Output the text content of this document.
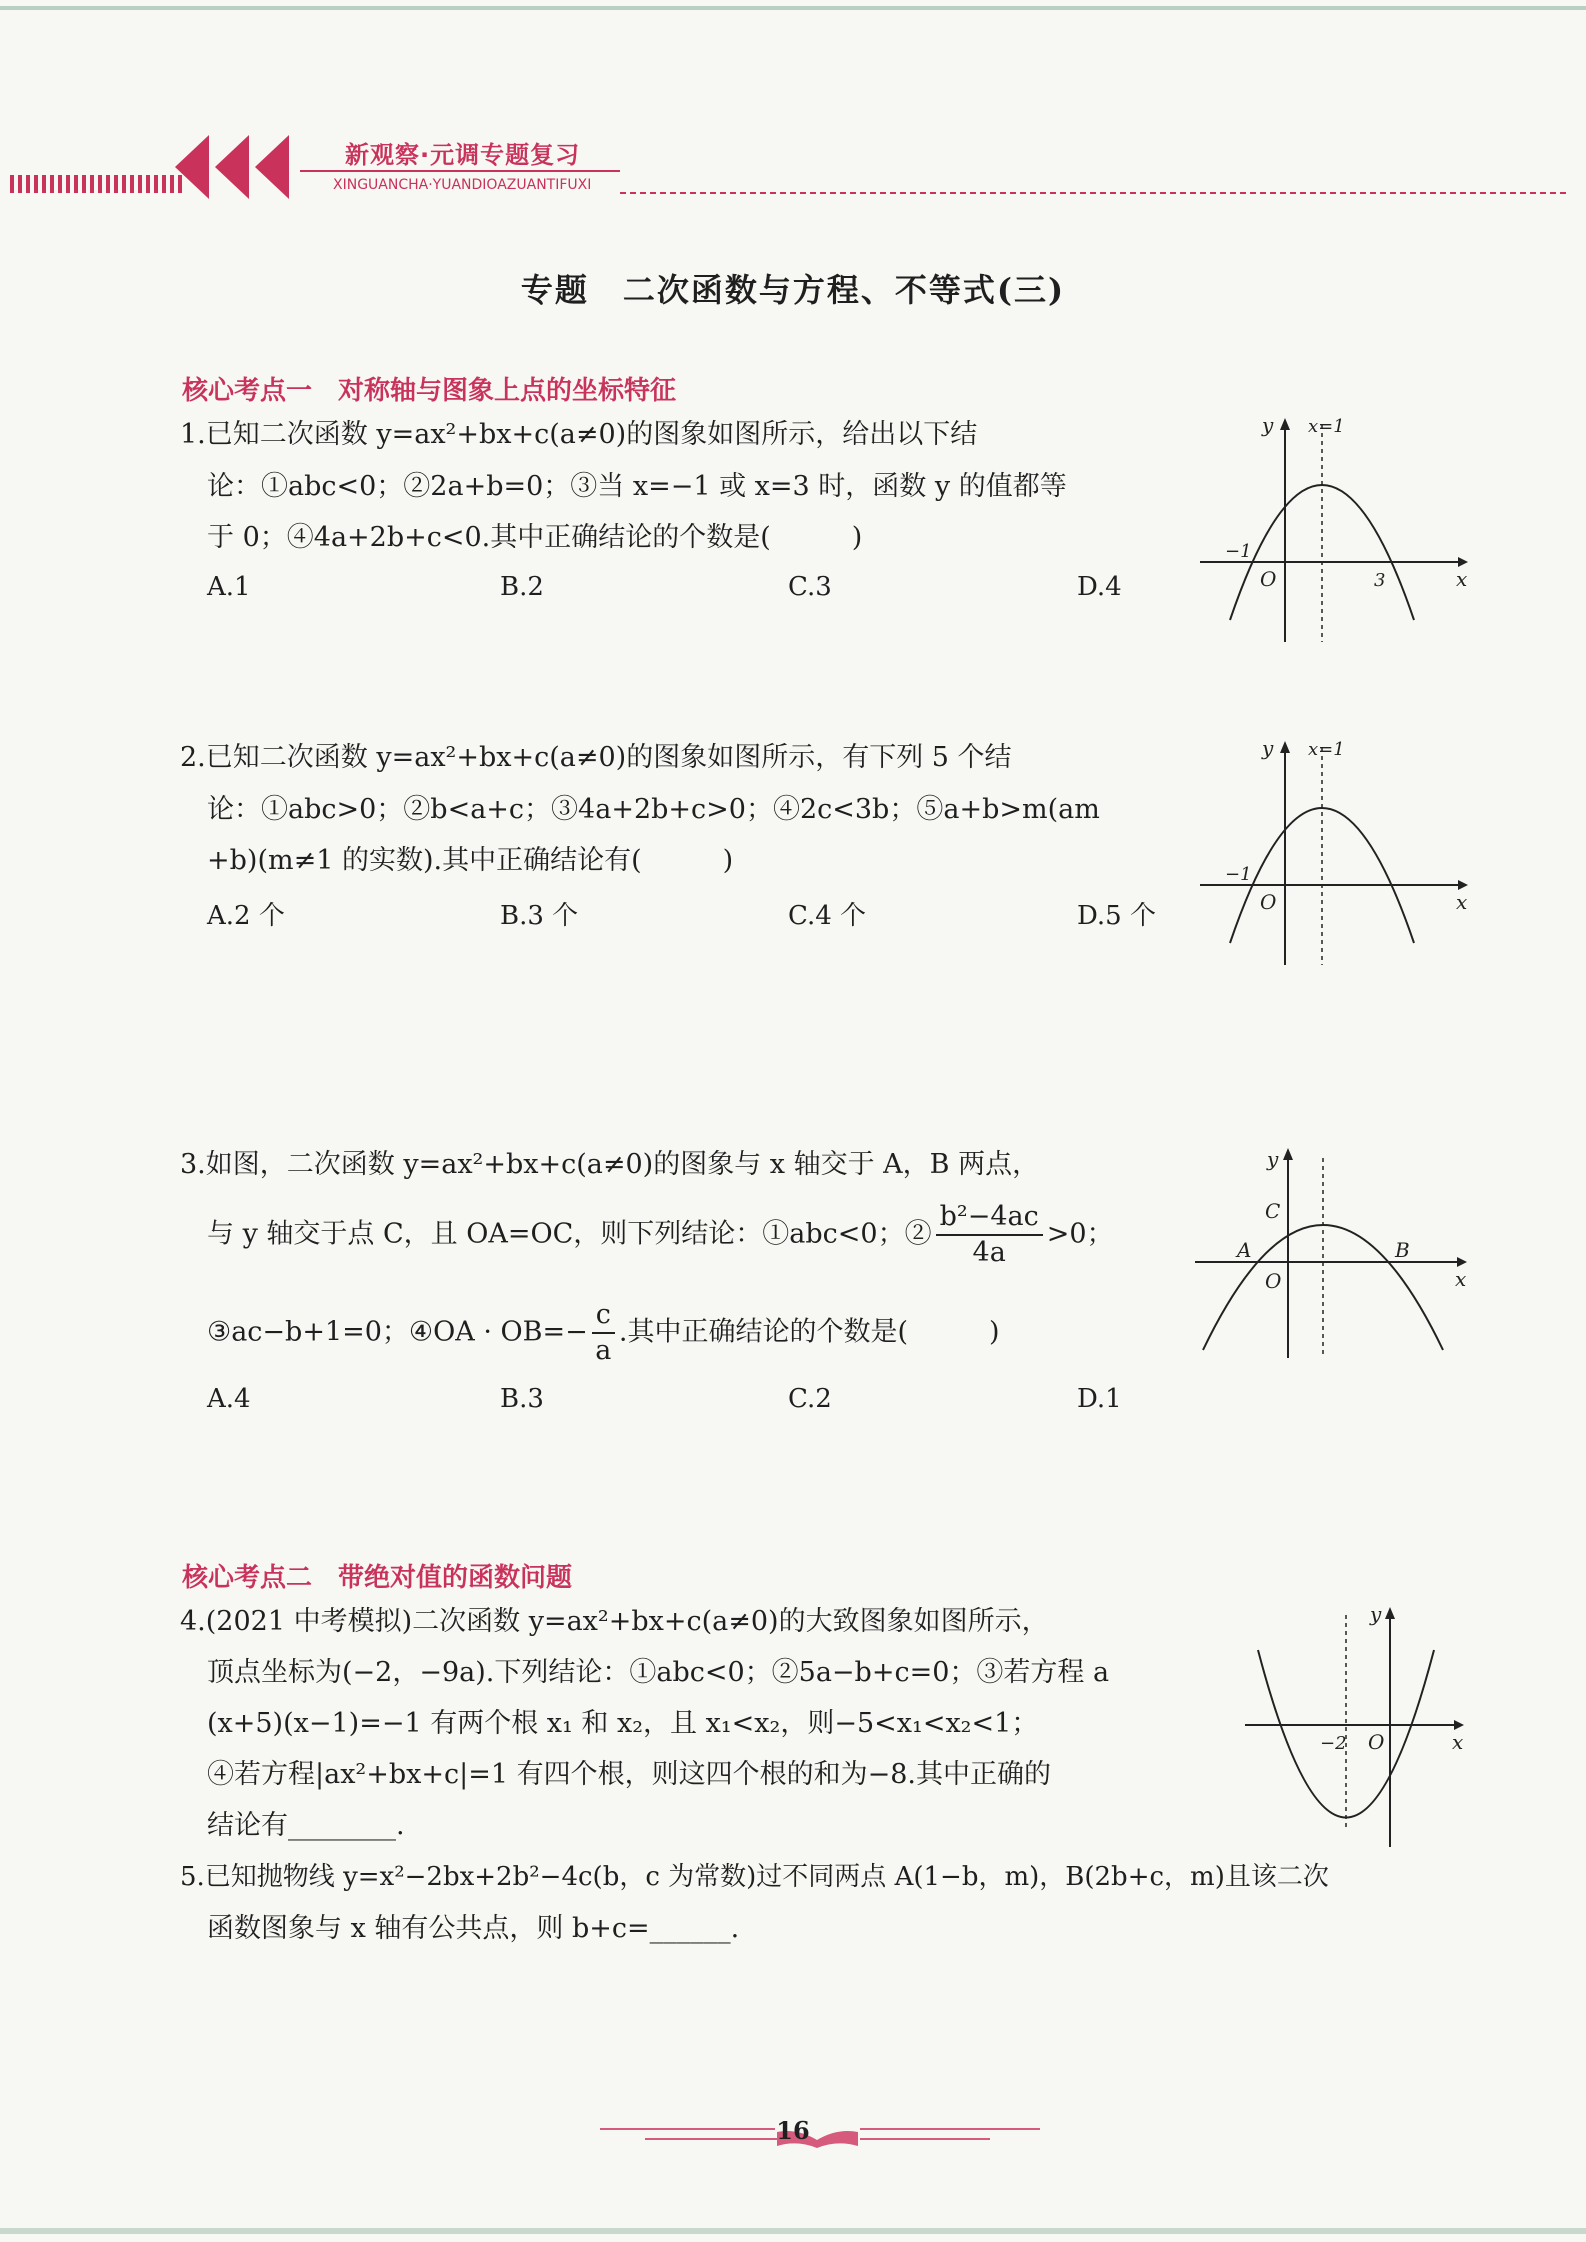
新观察·元调专题复习
XINGUANCHA·YUANDIOAZUANTIFUXI
专题　二次函数与方程、不等式(三)
核心考点一　对称轴与图象上点的坐标特征
1.已知二次函数 y=ax²+bx+c(a≠0)的图象如图所示，给出以下结
论：①abc<0；②2a+b=0；③当 x=−1 或 x=3 时，函数 y 的值都等
于 0；④4a+2b+c<0.其中正确结论的个数是(　　　)
A.1	B.2	C.3	D.4
y
x
x=1
O
−1
3
2.已知二次函数 y=ax²+bx+c(a≠0)的图象如图所示，有下列 5 个结
论：①abc>0；②b<a+c；③4a+2b+c>0；④2c<3b；⑤a+b>m(am
+b)(m≠1 的实数).其中正确结论有(　　　)
A.2 个	B.3 个	C.4 个	D.5 个
y
x
x=1
O
−1
3.如图，二次函数 y=ax²+bx+c(a≠0)的图象与 x 轴交于 A，B 两点，
与 y 轴交于点 C，且 OA=OC，则下列结论：①abc<0；② $\frac{\text{b²−4ac}}{4a} >0$；
③ac−b+1=0；④OA · $OB=- \frac{c}{a}$ .其中正确结论的个数是(　　　)
A.4	B.3	C.2	D.1
y
x
O
A	B
C
核心考点二　带绝对值的函数问题
4.(2021 中考模拟)二次函数 y=ax²+bx+c(a≠0)的大致图象如图所示，
顶点坐标为(−2，−9a).下列结论：①abc<0；②5a−b+c=0；③若方程 a
(x+5)(x−1)=−1 有两个根 x₁ 和 x₂，且 x₁<x₂，则−5<x₁<x₂<1；
④若方程|ax²+bx+c|=1 有四个根，则这四个根的和为−8.其中正确的
结论有________.
y
x
O
−2
5.已知抛物线 y=x²−2bx+2b²−4c(b，c 为常数)过不同两点 A(1−b，m)，B(2b+c，m)且该二次
函数图象与 x 轴有公共点，则 b+c=______.
16
